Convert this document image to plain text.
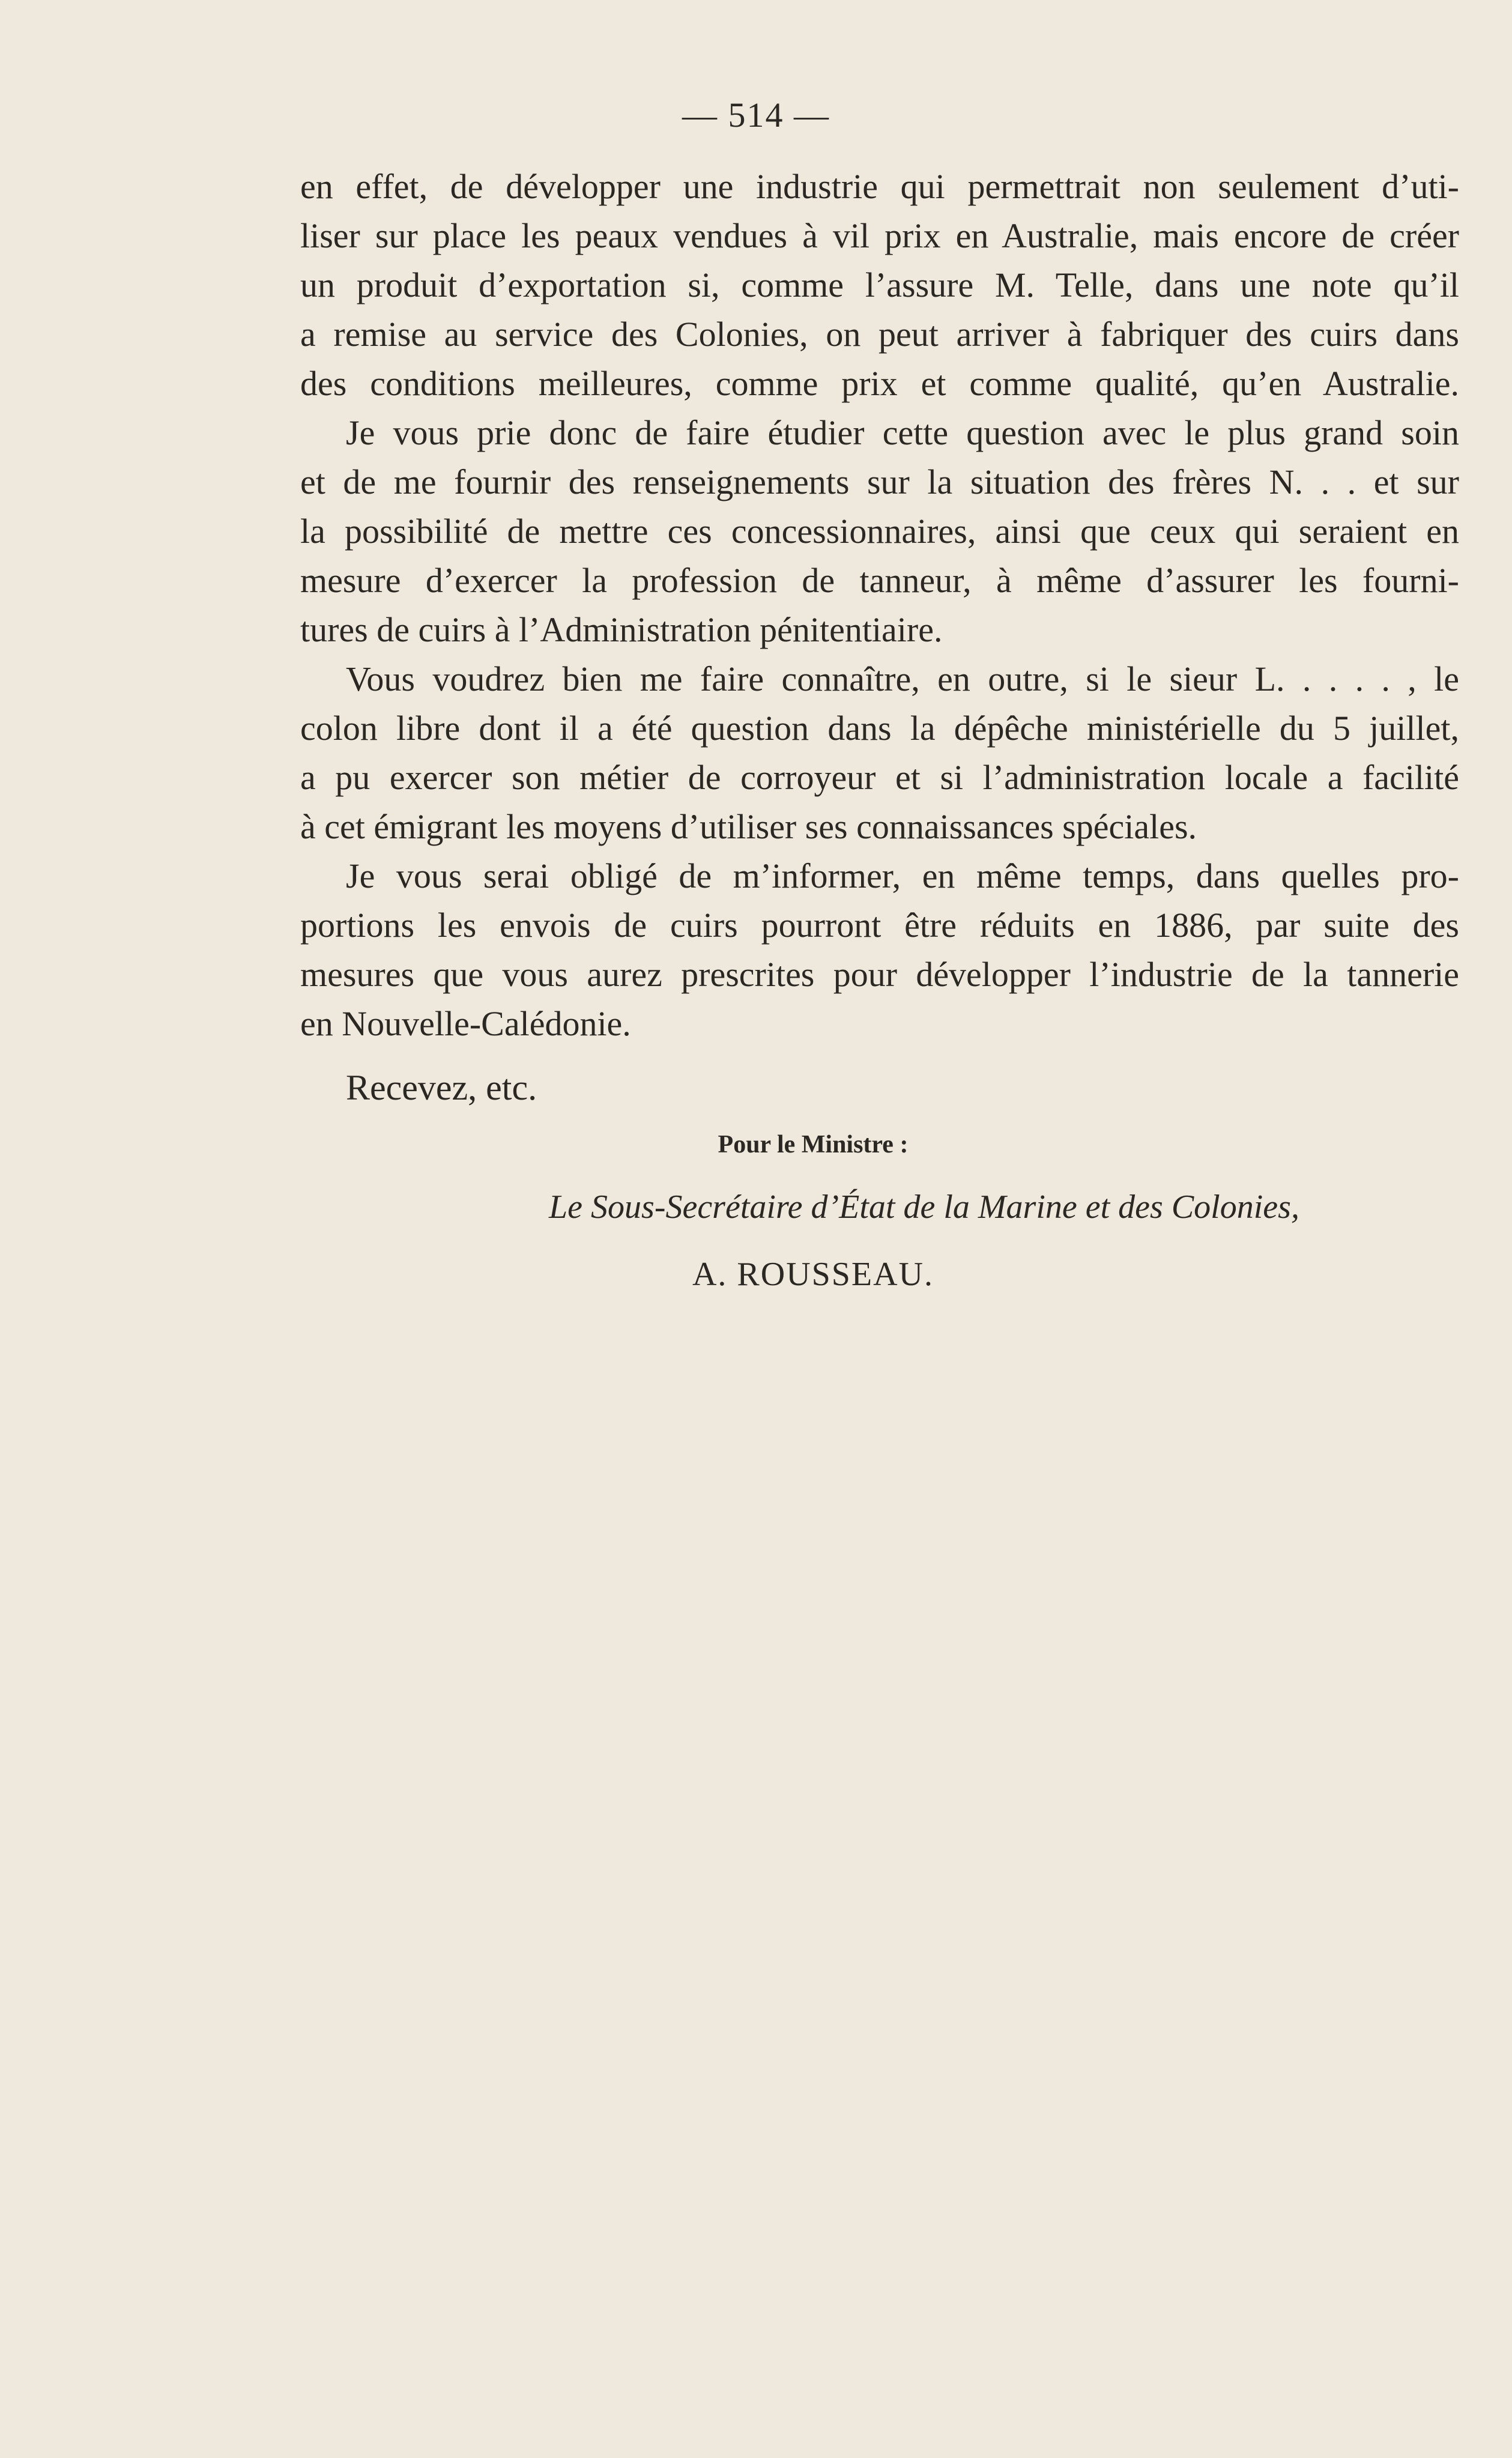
— 514 —
en effet, de développer une industrie qui permettrait non seulement d’uti-
liser sur place les peaux vendues à vil prix en Australie, mais encore de créer
un produit d’exportation si, comme l’assure M. Telle, dans une note qu’il
a remise au service des Colonies, on peut arriver à fabriquer des cuirs dans
des conditions meilleures, comme prix et comme qualité, qu’en Australie.
Je vous prie donc de faire étudier cette question avec le plus grand soin
et de me fournir des renseignements sur la situation des frères N. . . et sur
la possibilité de mettre ces concessionnaires, ainsi que ceux qui seraient en
mesure d’exercer la profession de tanneur, à même d’assurer les fourni-
tures de cuirs à l’Administration pénitentiaire.
Vous voudrez bien me faire connaître, en outre, si le sieur L. . . . . , le
colon libre dont il a été question dans la dépêche ministérielle du 5 juillet,
a pu exercer son métier de corroyeur et si l’administration locale a facilité
à cet émigrant les moyens d’utiliser ses connaissances spéciales.
Je vous serai obligé de m’informer, en même temps, dans quelles pro-
portions les envois de cuirs pourront être réduits en 1886, par suite des
mesures que vous aurez prescrites pour développer l’industrie de la tannerie
en Nouvelle-Calédonie.
Recevez, etc.
Pour le Ministre :
Le Sous-Secrétaire d’État de la Marine et des Colonies,
A. ROUSSEAU.
